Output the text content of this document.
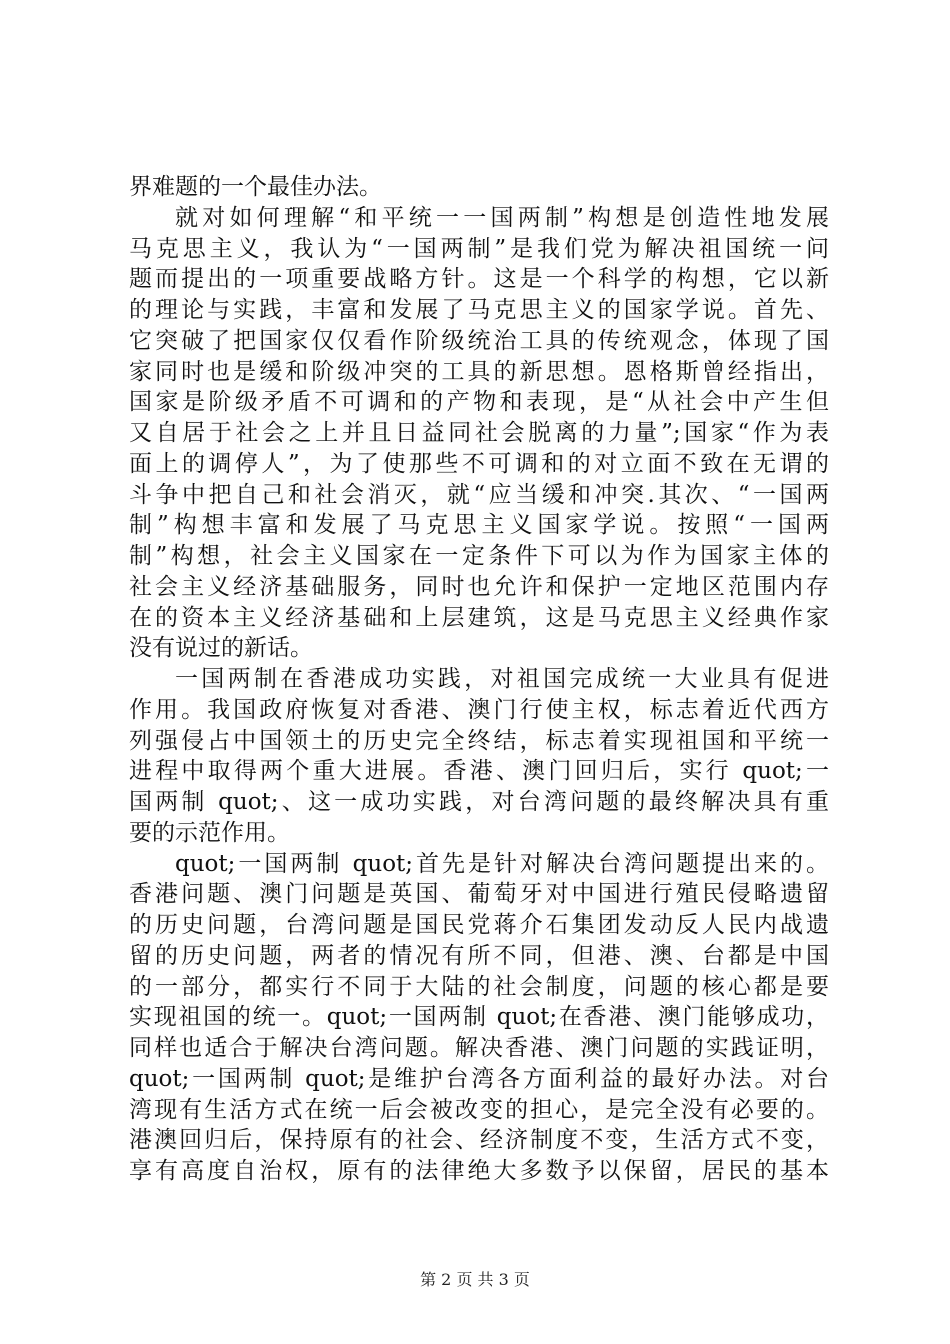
界难题的一个最佳办法。
就对如何理解“和平统一一国两制”构想是创造性地发展
马克思主义，我认为“一国两制”是我们党为解决祖国统一问
题而提出的一项重要战略方针。这是一个科学的构想，它以新
的理论与实践，丰富和发展了马克思主义的国家学说。首先、
它突破了把国家仅仅看作阶级统治工具的传统观念，体现了国
家同时也是缓和阶级冲突的工具的新思想。恩格斯曾经指出，
国家是阶级矛盾不可调和的产物和表现，是“从社会中产生但
又自居于社会之上并且日益同社会脱离的力量”;国家“作为表
面上的调停人”，为了使那些不可调和的对立面不致在无谓的
斗争中把自己和社会消灭，就“应当缓和冲突.其次、“一国两
制”构想丰富和发展了马克思主义国家学说。按照“一国两
制”构想，社会主义国家在一定条件下可以为作为国家主体的
社会主义经济基础服务，同时也允许和保护一定地区范围内存
在的资本主义经济基础和上层建筑，这是马克思主义经典作家
没有说过的新话。
一国两制在香港成功实践，对祖国完成统一大业具有促进
作用。我国政府恢复对香港、澳门行使主权，标志着近代西方
列强侵占中国领土的历史完全终结，标志着实现祖国和平统一
进程中取得两个重大进展。香港、澳门回归后，实行 quot;一
国两制 quot;、这一成功实践，对台湾问题的最终解决具有重
要的示范作用。
quot;一国两制 quot;首先是针对解决台湾问题提出来的。
香港问题、澳门问题是英国、葡萄牙对中国进行殖民侵略遗留
的历史问题，台湾问题是国民党蒋介石集团发动反人民内战遗
留的历史问题，两者的情况有所不同，但港、澳、台都是中国
的一部分，都实行不同于大陆的社会制度，问题的核心都是要
实现祖国的统一。quot;一国两制 quot;在香港、澳门能够成功，
同样也适合于解决台湾问题。解决香港、澳门问题的实践证明，
quot;一国两制 quot;是维护台湾各方面利益的最好办法。对台
湾现有生活方式在统一后会被改变的担心，是完全没有必要的。
港澳回归后，保持原有的社会、经济制度不变，生活方式不变，
享有高度自治权，原有的法律绝大多数予以保留，居民的基本
第 2 页 共 3 页
